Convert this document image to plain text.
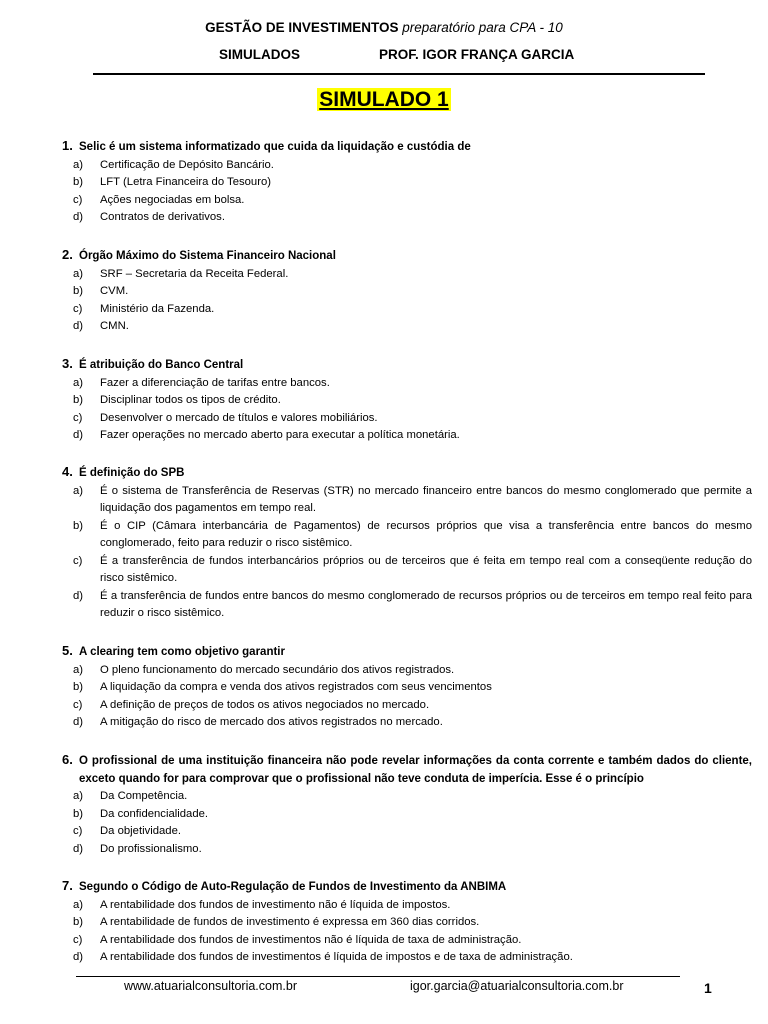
GESTÃO DE INVESTIMENTOS preparatório para CPA - 10
SIMULADOS	PROF. IGOR FRANÇA GARCIA
SIMULADO 1
1. Selic é um sistema informatizado que cuida da liquidação e custódia de
a) Certificação de Depósito Bancário.
b) LFT (Letra Financeira do Tesouro)
c) Ações negociadas em bolsa.
d) Contratos de derivativos.
2. Órgão Máximo do Sistema Financeiro Nacional
a) SRF – Secretaria da Receita Federal.
b) CVM.
c) Ministério da Fazenda.
d) CMN.
3. É atribuição do Banco Central
a) Fazer a diferenciação de tarifas entre bancos.
b) Disciplinar todos os tipos de crédito.
c) Desenvolver o mercado de títulos e valores mobiliários.
d) Fazer operações no mercado aberto para executar a política monetária.
4. É definição do SPB
a) É o sistema de Transferência de Reservas (STR) no mercado financeiro entre bancos do mesmo conglomerado que permite a liquidação dos pagamentos em tempo real.
b) É o CIP (Câmara interbancária de Pagamentos) de recursos próprios que visa a transferência entre bancos do mesmo conglomerado, feito para reduzir o risco sistêmico.
c) É a transferência de fundos interbancários próprios ou de terceiros que é feita em tempo real com a conseqüente redução do risco sistêmico.
d) É a transferência de fundos entre bancos do mesmo conglomerado de recursos próprios ou de terceiros em tempo real feito para reduzir o risco sistêmico.
5. A clearing tem como objetivo garantir
a) O pleno funcionamento do mercado secundário dos ativos registrados.
b) A liquidação da compra e venda dos ativos registrados com seus vencimentos
c) A definição de preços de todos os ativos negociados no mercado.
d) A mitigação do risco de mercado dos ativos registrados no mercado.
6. O profissional de uma instituição financeira não pode revelar informações da conta corrente e também dados do cliente, exceto quando for para comprovar que o profissional não teve conduta de imperícia. Esse é o princípio
a) Da Competência.
b) Da confidencialidade.
c) Da objetividade.
d) Do profissionalismo.
7. Segundo o Código de Auto-Regulação de Fundos de Investimento da ANBIMA
a) A rentabilidade dos fundos de investimento não é líquida de impostos.
b) A rentabilidade de fundos de investimento é expressa em 360 dias corridos.
c) A rentabilidade dos fundos de investimentos não é líquida de taxa de administração.
d) A rentabilidade dos fundos de investimentos é líquida de impostos e de taxa de administração.
www.atuarialconsultoria.com.br	igor.garcia@atuarialconsultoria.com.br	1
